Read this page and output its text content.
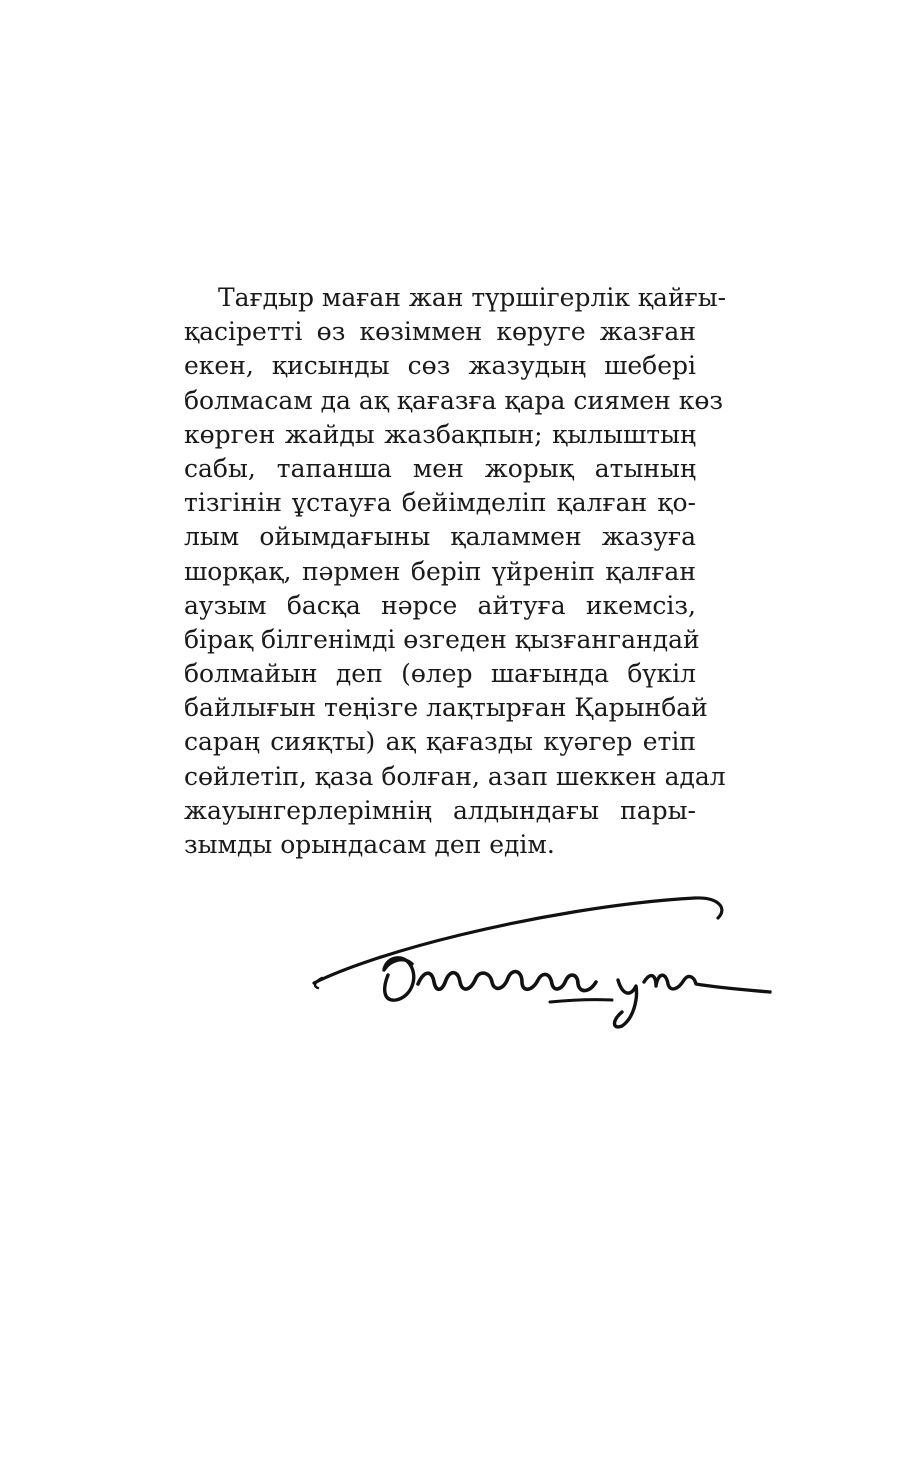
Тағдыр маған жан түршігерлік қайғы-
қасіретті өз көзіммен көруге жазған
екен, қисынды сөз жазудың шебері
болмасам да ақ қағазға қара сиямен көз
көрген жайды жазбақпын; қылыштың
сабы, тапанша мен жорық атының
тізгінін ұстауға бейімделіп қалған қо-
лым ойымдағыны қаламмен жазуға
шорқақ, пәрмен беріп үйреніп қалған
аузым басқа нәрсе айтуға икемсіз,
бірақ білгенімді өзгеден қызғангандай
болмайын деп (өлер шағында бүкіл
байлығын теңізге лақтырған Қарынбай
сараң сияқты) ақ қағазды куәгер етіп
сөйлетіп, қаза болған, азап шеккен адал
жауынгерлерімнің алдындағы пары-
зымды орындасам деп едім.
